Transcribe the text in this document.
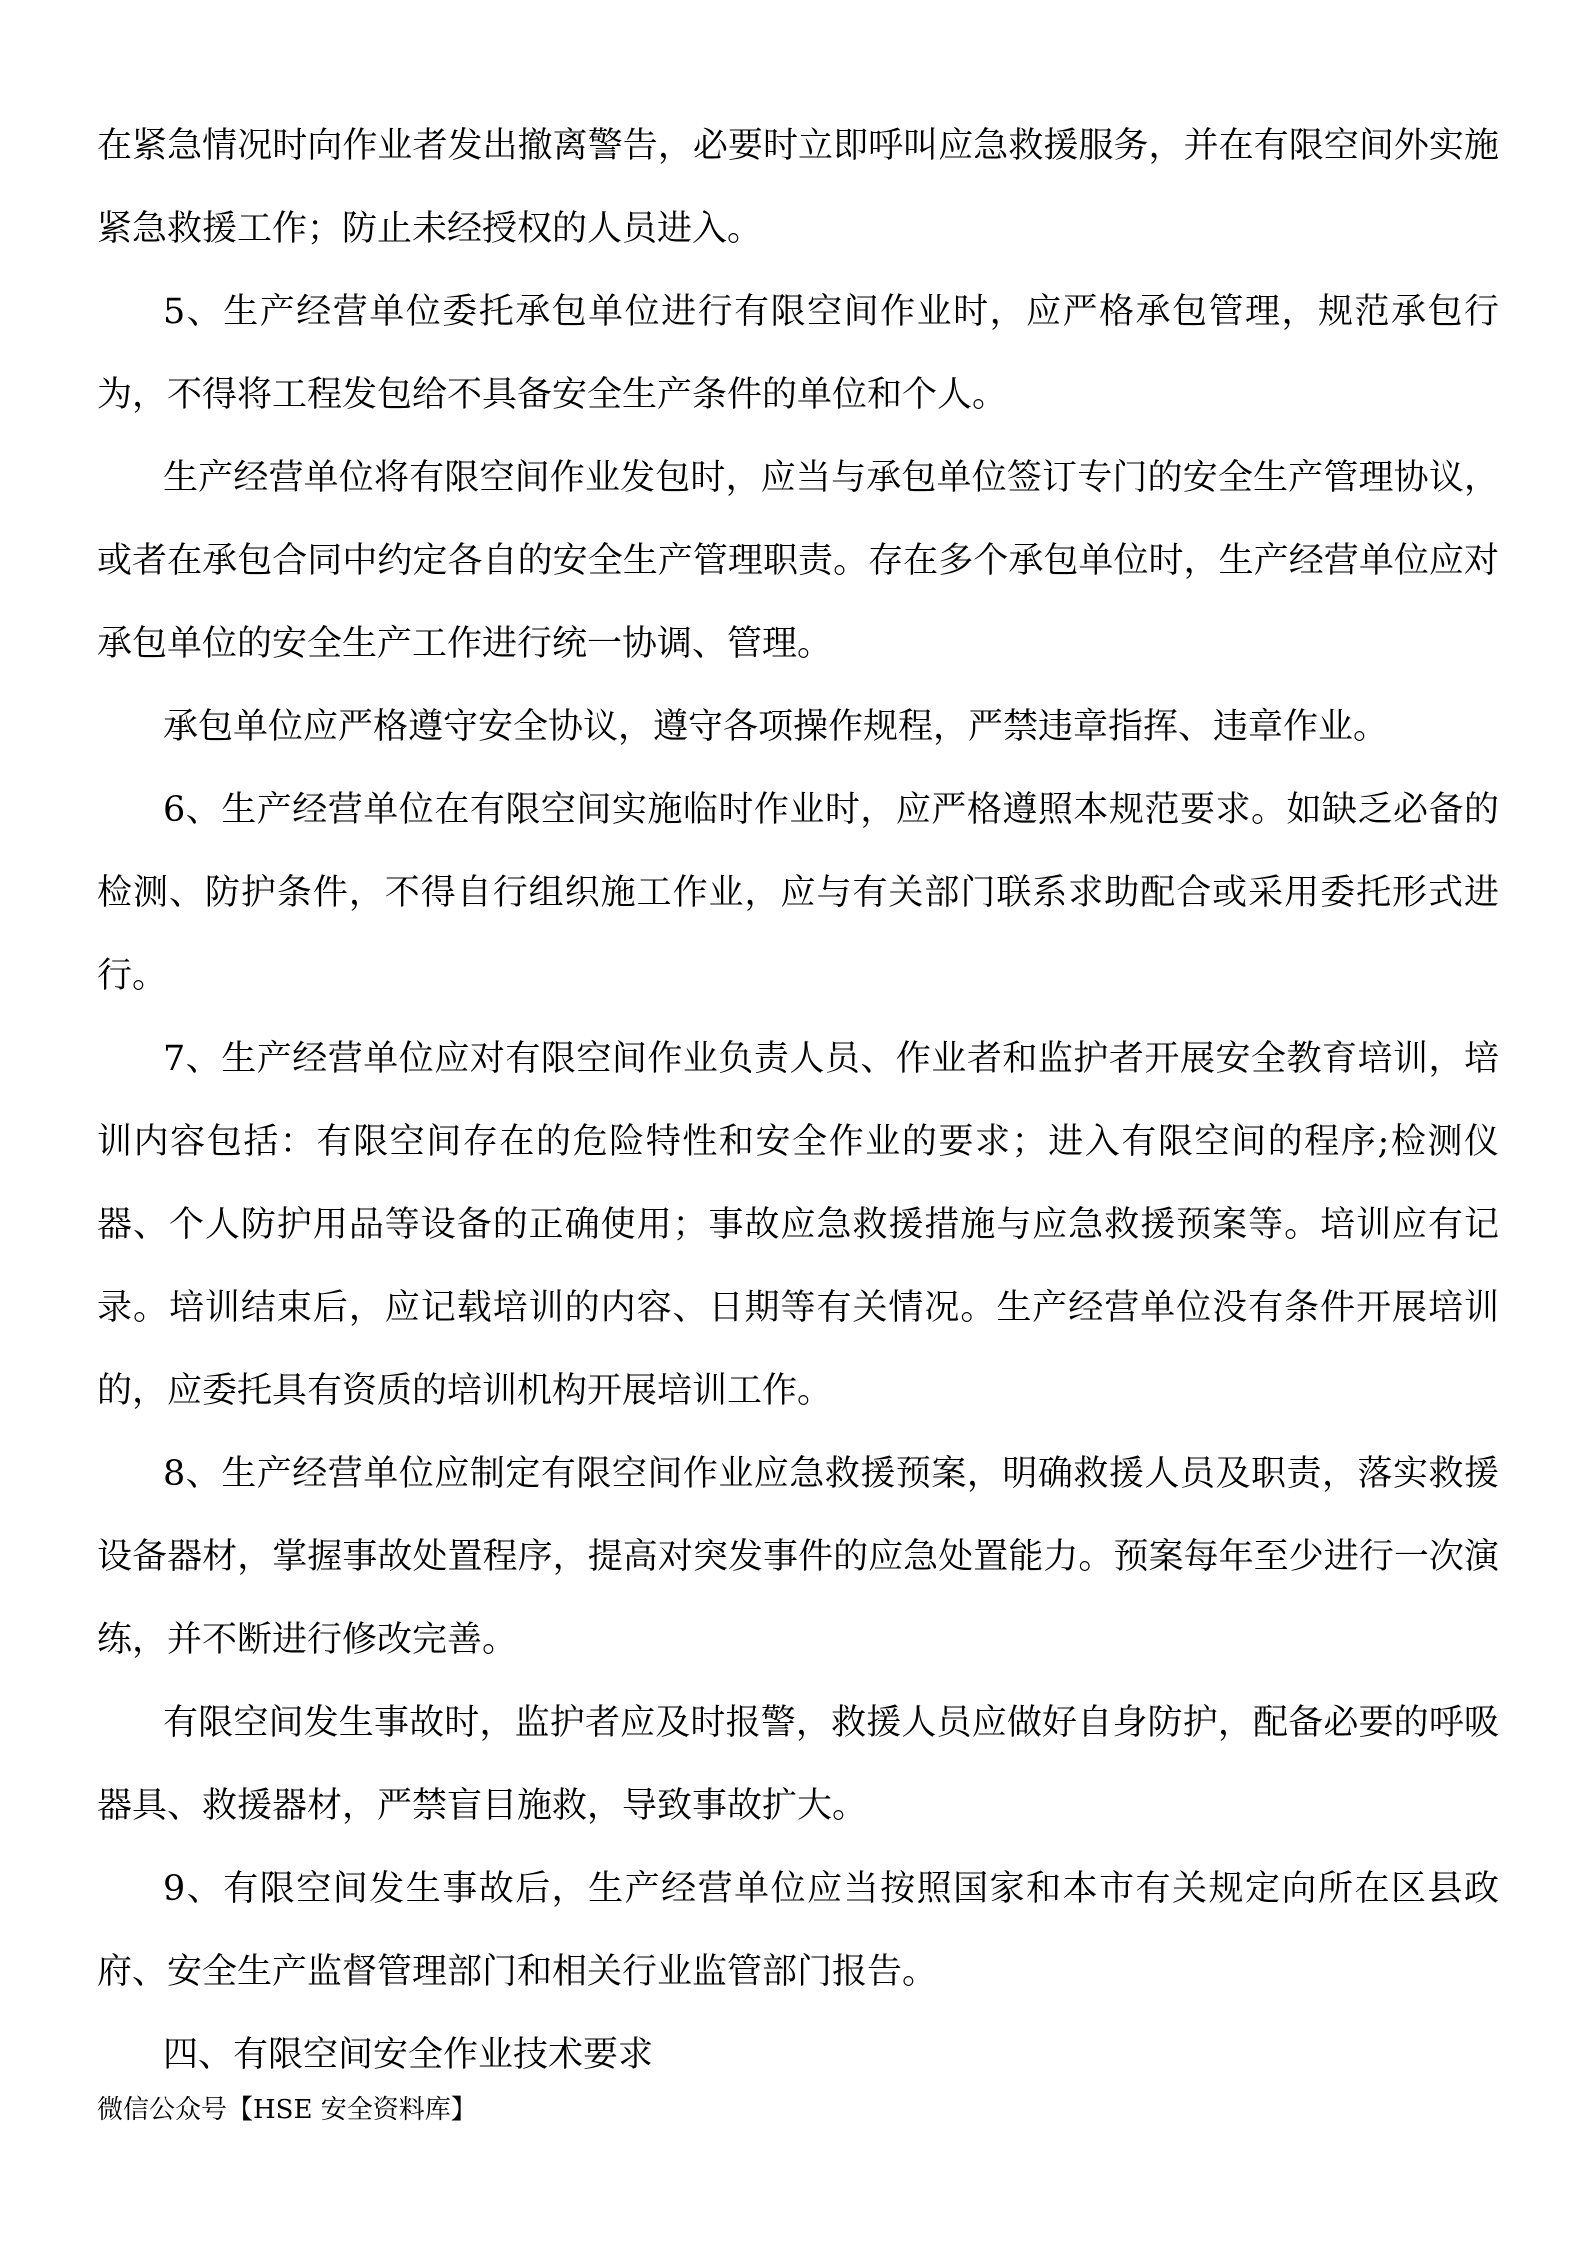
在紧急情况时向作业者发出撤离警告，必要时立即呼叫应急救援服务，并在有限空间外实施紧急救援工作；防止未经授权的人员进入。

5、生产经营单位委托承包单位进行有限空间作业时，应严格承包管理，规范承包行为，不得将工程发包给不具备安全生产条件的单位和个人。

生产经营单位将有限空间作业发包时，应当与承包单位签订专门的安全生产管理协议，或者在承包合同中约定各自的安全生产管理职责。存在多个承包单位时，生产经营单位应对承包单位的安全生产工作进行统一协调、管理。

承包单位应严格遵守安全协议，遵守各项操作规程，严禁违章指挥、违章作业。

6、生产经营单位在有限空间实施临时作业时，应严格遵照本规范要求。如缺乏必备的检测、防护条件，不得自行组织施工作业，应与有关部门联系求助配合或采用委托形式进行。

7、生产经营单位应对有限空间作业负责人员、作业者和监护者开展安全教育培训，培训内容包括：有限空间存在的危险特性和安全作业的要求；进入有限空间的程序;检测仪器、个人防护用品等设备的正确使用；事故应急救援措施与应急救援预案等。培训应有记录。培训结束后，应记载培训的内容、日期等有关情况。生产经营单位没有条件开展培训的，应委托具有资质的培训机构开展培训工作。

8、生产经营单位应制定有限空间作业应急救援预案，明确救援人员及职责，落实救援设备器材，掌握事故处置程序，提高对突发事件的应急处置能力。预案每年至少进行一次演练，并不断进行修改完善。

有限空间发生事故时，监护者应及时报警，救援人员应做好自身防护，配备必要的呼吸器具、救援器材，严禁盲目施救，导致事故扩大。

9、有限空间发生事故后，生产经营单位应当按照国家和本市有关规定向所在区县政府、安全生产监督管理部门和相关行业监管部门报告。

四、有限空间安全作业技术要求

微信公众号【HSE 安全资料库】
